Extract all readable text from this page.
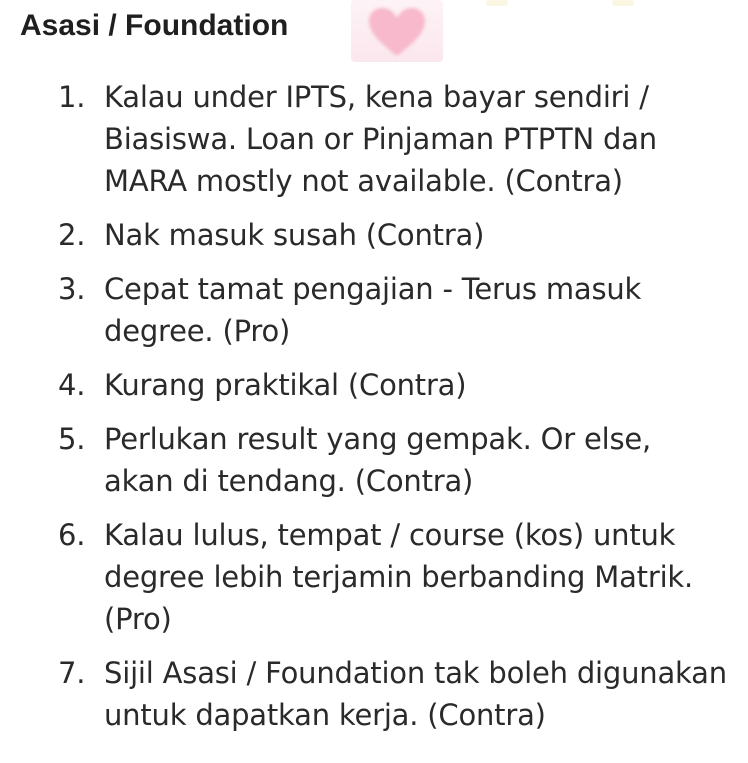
Asasi / Foundation
1. Kalau under IPTS, kena bayar sendiri / Biasiswa. Loan or Pinjaman PTPTN dan MARA mostly not available. (Contra)
2. Nak masuk susah (Contra)
3. Cepat tamat pengajian - Terus masuk degree. (Pro)
4. Kurang praktikal (Contra)
5. Perlukan result yang gempak. Or else, akan di tendang. (Contra)
6. Kalau lulus, tempat / course (kos) untuk degree lebih terjamin berbanding Matrik. (Pro)
7. Sijil Asasi / Foundation tak boleh digunakan untuk dapatkan kerja. (Contra)
